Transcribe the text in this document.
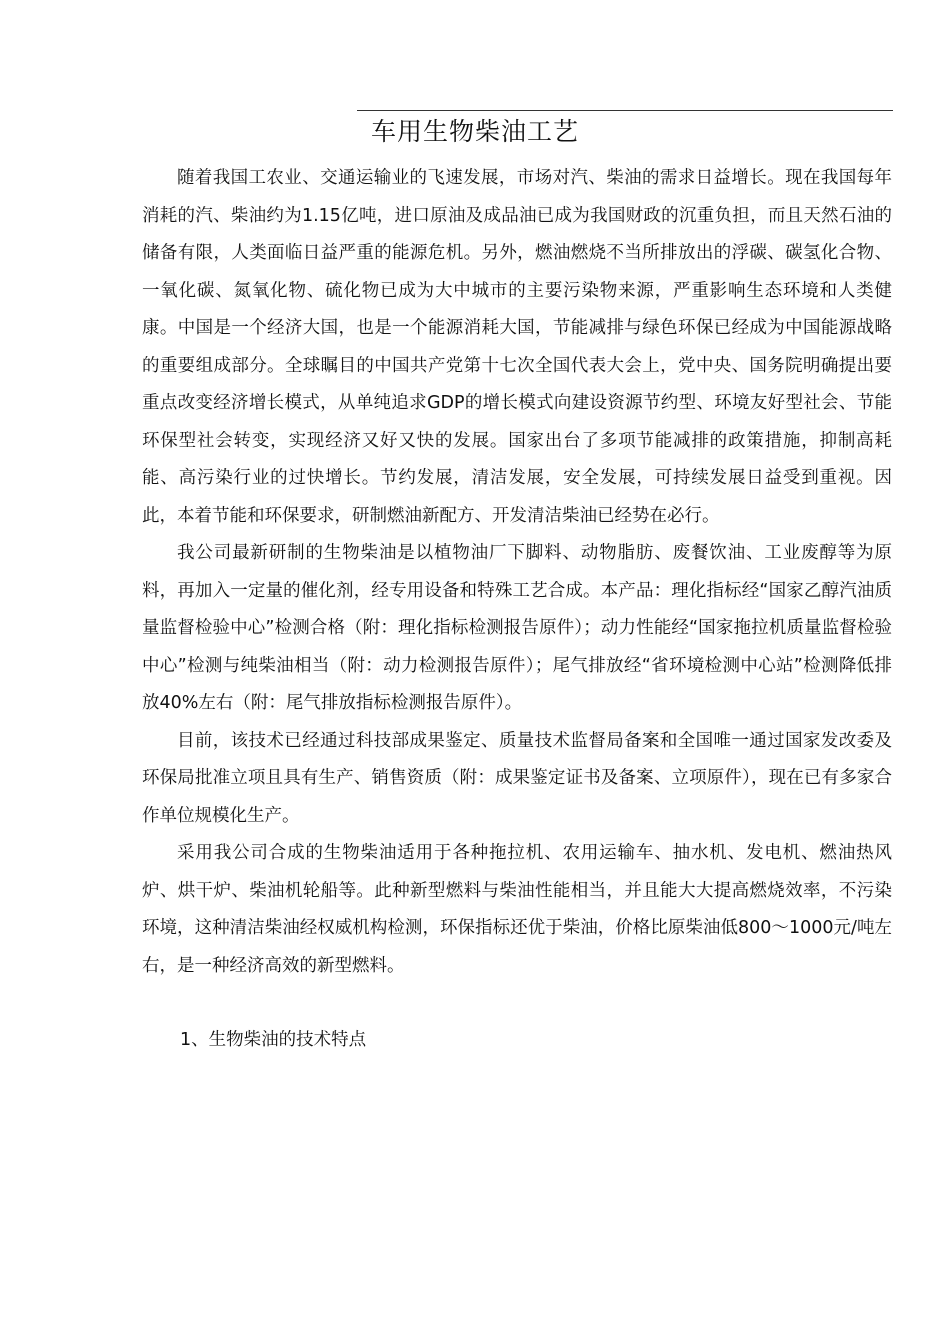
车用生物柴油工艺

随着我国工农业、交通运输业的飞速发展，市场对汽、柴油的需求日益增长。现在我国每年消耗的汽、柴油约为1.15亿吨，进口原油及成品油已成为我国财政的沉重负担，而且天然石油的储备有限，人类面临日益严重的能源危机。另外，燃油燃烧不当所排放出的浮碳、碳氢化合物、一氧化碳、氮氧化物、硫化物已成为大中城市的主要污染物来源，严重影响生态环境和人类健康。中国是一个经济大国，也是一个能源消耗大国，节能减排与绿色环保已经成为中国能源战略的重要组成部分。全球瞩目的中国共产党第十七次全国代表大会上，党中央、国务院明确提出要重点改变经济增长模式，从单纯追求GDP的增长模式向建设资源节约型、环境友好型社会、节能环保型社会转变，实现经济又好又快的发展。国家出台了多项节能减排的政策措施，抑制高耗能、高污染行业的过快增长。节约发展，清洁发展，安全发展，可持续发展日益受到重视。因此，本着节能和环保要求，研制燃油新配方、开发清洁柴油已经势在必行。

我公司最新研制的生物柴油是以植物油厂下脚料、动物脂肪、废餐饮油、工业废醇等为原料，再加入一定量的催化剂，经专用设备和特殊工艺合成。本产品：理化指标经“国家乙醇汽油质量监督检验中心”检测合格（附：理化指标检测报告原件）；动力性能经“国家拖拉机质量监督检验中心”检测与纯柴油相当（附：动力检测报告原件）；尾气排放经“省环境检测中心站”检测降低排放40%左右（附：尾气排放指标检测报告原件）。

目前，该技术已经通过科技部成果鉴定、质量技术监督局备案和全国唯一通过国家发改委及环保局批准立项且具有生产、销售资质（附：成果鉴定证书及备案、立项原件），现在已有多家合作单位规模化生产。

采用我公司合成的生物柴油适用于各种拖拉机、农用运输车、抽水机、发电机、燃油热风炉、烘干炉、柴油机轮船等。此种新型燃料与柴油性能相当，并且能大大提高燃烧效率，不污染环境，这种清洁柴油经权威机构检测，环保指标还优于柴油，价格比原柴油低800～1000元/吨左右，是一种经济高效的新型燃料。

1、生物柴油的技术特点
